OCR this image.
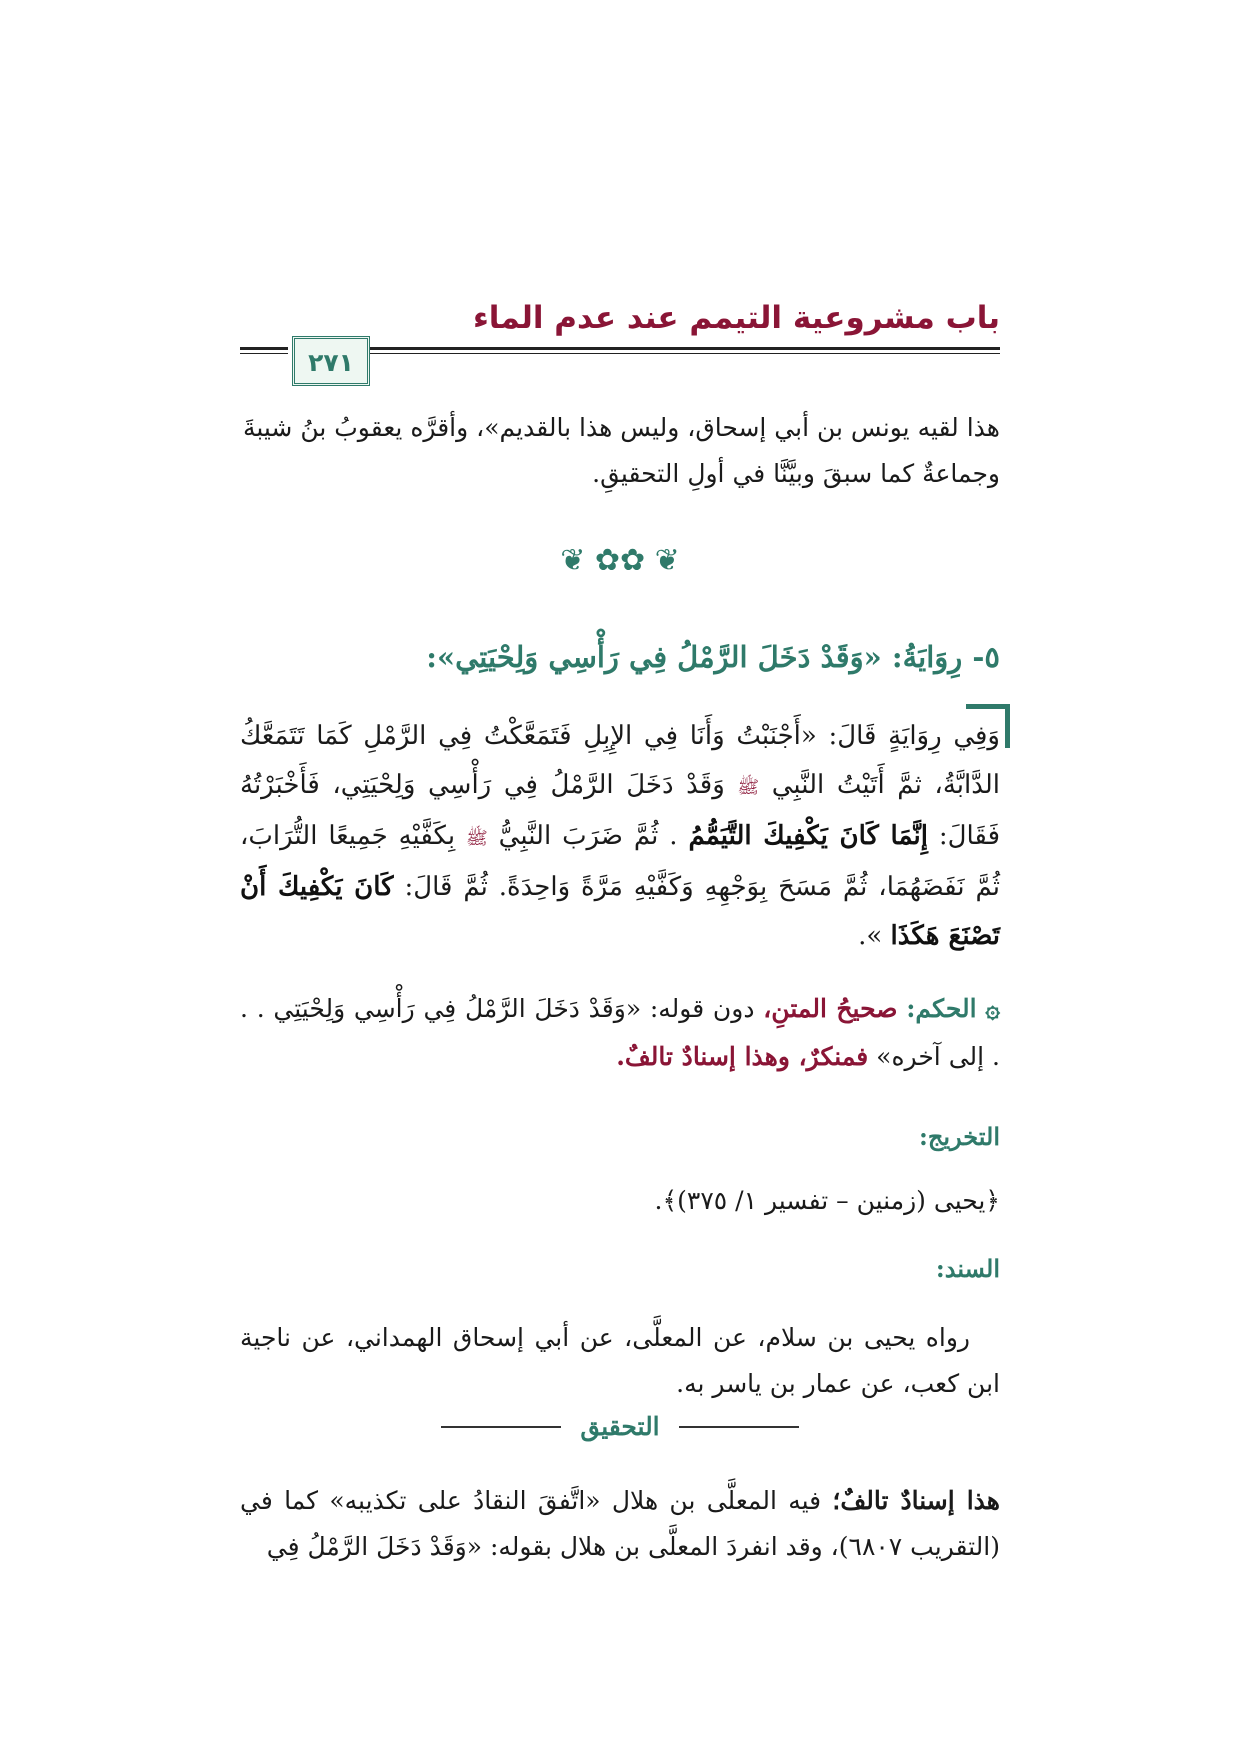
باب مشروعية التيمم عند عدم الماء
٢٧١
هذا لقيه يونس بن أبي إسحاق، وليس هذا بالقديم»، وأقرَّه يعقوبُ بنُ شيبةَ
وجماعةٌ كما سبقَ وبيَّنَّا في أولِ التحقيقِ.
❦ ✿✿ ❦
٥- رِوَايَةُ: «وَقَدْ دَخَلَ الرَّمْلُ فِي رَأْسِي وَلِحْيَتِي»:
وَفِي رِوَايَةٍ قَالَ: «أَجْنَبْتُ وَأَنَا فِي الإِبِلِ فَتَمَعَّكْتُ فِي الرَّمْلِ كَمَا تَتَمَعَّكُ الدَّابَّةُ، ثمَّ أَتَيْتُ النَّبِي ﷺ وَقَدْ دَخَلَ الرَّمْلُ فِي رَأْسِي وَلِحْيَتِي، فَأَخْبَرْتُهُ فَقَالَ: إِنَّمَا كَانَ يَكْفِيكَ التَّيَمُّمُ . ثُمَّ ضَرَبَ النَّبِيُّ ﷺ بِكَفَّيْهِ جَمِيعًا التُّرَابَ، ثُمَّ نَفَضَهُمَا، ثُمَّ مَسَحَ بِوَجْهِهِ وَكَفَّيْهِ مَرَّةً وَاحِدَةً. ثُمَّ قَالَ: كَانَ يَكْفِيكَ أَنْ تَصْنَعَ هَكَذَا ».
۞ الحكم: صحيحُ المتنِ، دون قوله: «وَقَدْ دَخَلَ الرَّمْلُ فِي رَأْسِي وَلِحْيَتِي . . . إلى آخره» فمنكرٌ، وهذا إسنادٌ تالفٌ.
التخريج:
﴿يحيى (زمنين – تفسير ١/ ٣٧٥)﴾.
السند:
رواه يحيى بن سلام، عن المعلَّى، عن أبي إسحاق الهمداني، عن ناجية ابن كعب، عن عمار بن ياسر به.
التحقيق
هذا إسنادٌ تالفٌ؛ فيه المعلَّى بن هلال «اتَّفقَ النقادُ على تكذيبه» كما في (التقريب ٦٨٠٧)، وقد انفردَ المعلَّى بن هلال بقوله: «وَقَدْ دَخَلَ الرَّمْلُ فِي
